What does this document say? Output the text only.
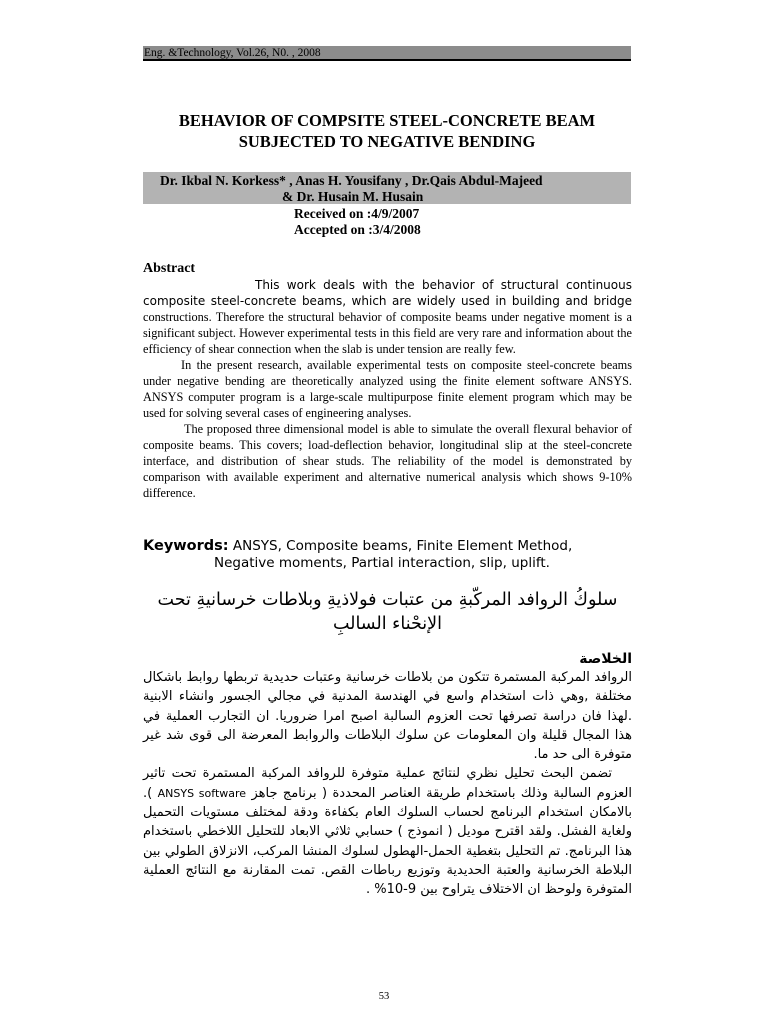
Eng. &Technology, Vol.26, N0. , 2008
BEHAVIOR OF COMPSITE STEEL-CONCRETE BEAM
SUBJECTED TO NEGATIVE BENDING
Dr. Ikbal N. Korkess* , Anas H. Yousifany , Dr.Qais Abdul-Majeed
& Dr. Husain M. Husain
Received on :4/9/2007
Accepted on :3/4/2008
Abstract

This work deals with the behavior of structural continuous composite steel-concrete beams, which are widely used in building and bridge constructions. Therefore the structural behavior of composite beams under negative moment is a significant subject. However experimental tests in this field are very rare and information about the efficiency of shear connection when the slab is under tension are really few.

In the present research, available experimental tests on composite steel-concrete beams under negative bending are theoretically analyzed using the finite element software ANSYS. ANSYS computer program is a large-scale multipurpose finite element program which may be used for solving several cases of engineering analyses.

The proposed three dimensional model is able to simulate the overall flexural behavior of composite beams. This covers; load-deflection behavior, longitudinal slip at the steel-concrete interface, and distribution of shear studs. The reliability of the model is demonstrated by comparison with available experiment and alternative numerical analysis which shows 9-10% difference.

Keywords: ANSYS, Composite beams, Finite Element Method,
Negative moments, Partial interaction, slip, uplift.
سلوكُ الروافد المركّبةِ من عتبات فولاذيةِ وبلاطات خرسانيةِ تحت
الإنحْناء السالبِ
الخلاصة

الروافد المركبة المستمرة تتكون من بلاطات خرسانية وعتبات حديدية تربطها روابط باشكال مختلفة ,وهي ذات استخدام واسع في الهندسة المدنية في مجالي الجسور وانشاء الابنية .لهذا فان دراسة تصرفها تحت العزوم السالبة اصبح امرا ضروريا. ان التجارب العملية في هذا المجال قليلة وان المعلومات عن سلوك البلاطات والروابط المعرضة الى قوى شد غير متوفرة الى حد ما.

تضمن البحث تحليل نظري لنتائج عملية متوفرة للروافد المركبة المستمرة تحت تاثير العزوم السالبة وذلك باستخدام طريقة العناصر المحددة ( برنامج جاهز ANSYS software ). بالامكان استخدام البرنامج لحساب السلوك العام بكفاءة ودقة لمختلف مستويات التحميل ولغاية الفشل. ولقد اقترح موديل ( انموذج ) حسابي ثلاثي الابعاد للتحليل اللاخطي باستخدام هذا البرنامج. تم التحليل بتغطية الحمل-الهطول لسلوك المنشا المركب، الانزلاق الطولي بين البلاطة الخرسانية والعتبة الحديدية وتوزيع رباطات القص. تمت المقارنة مع النتائج العملية المتوفرة ولوحظ ان الاختلاف يتراوح بين 9-10% .

53
